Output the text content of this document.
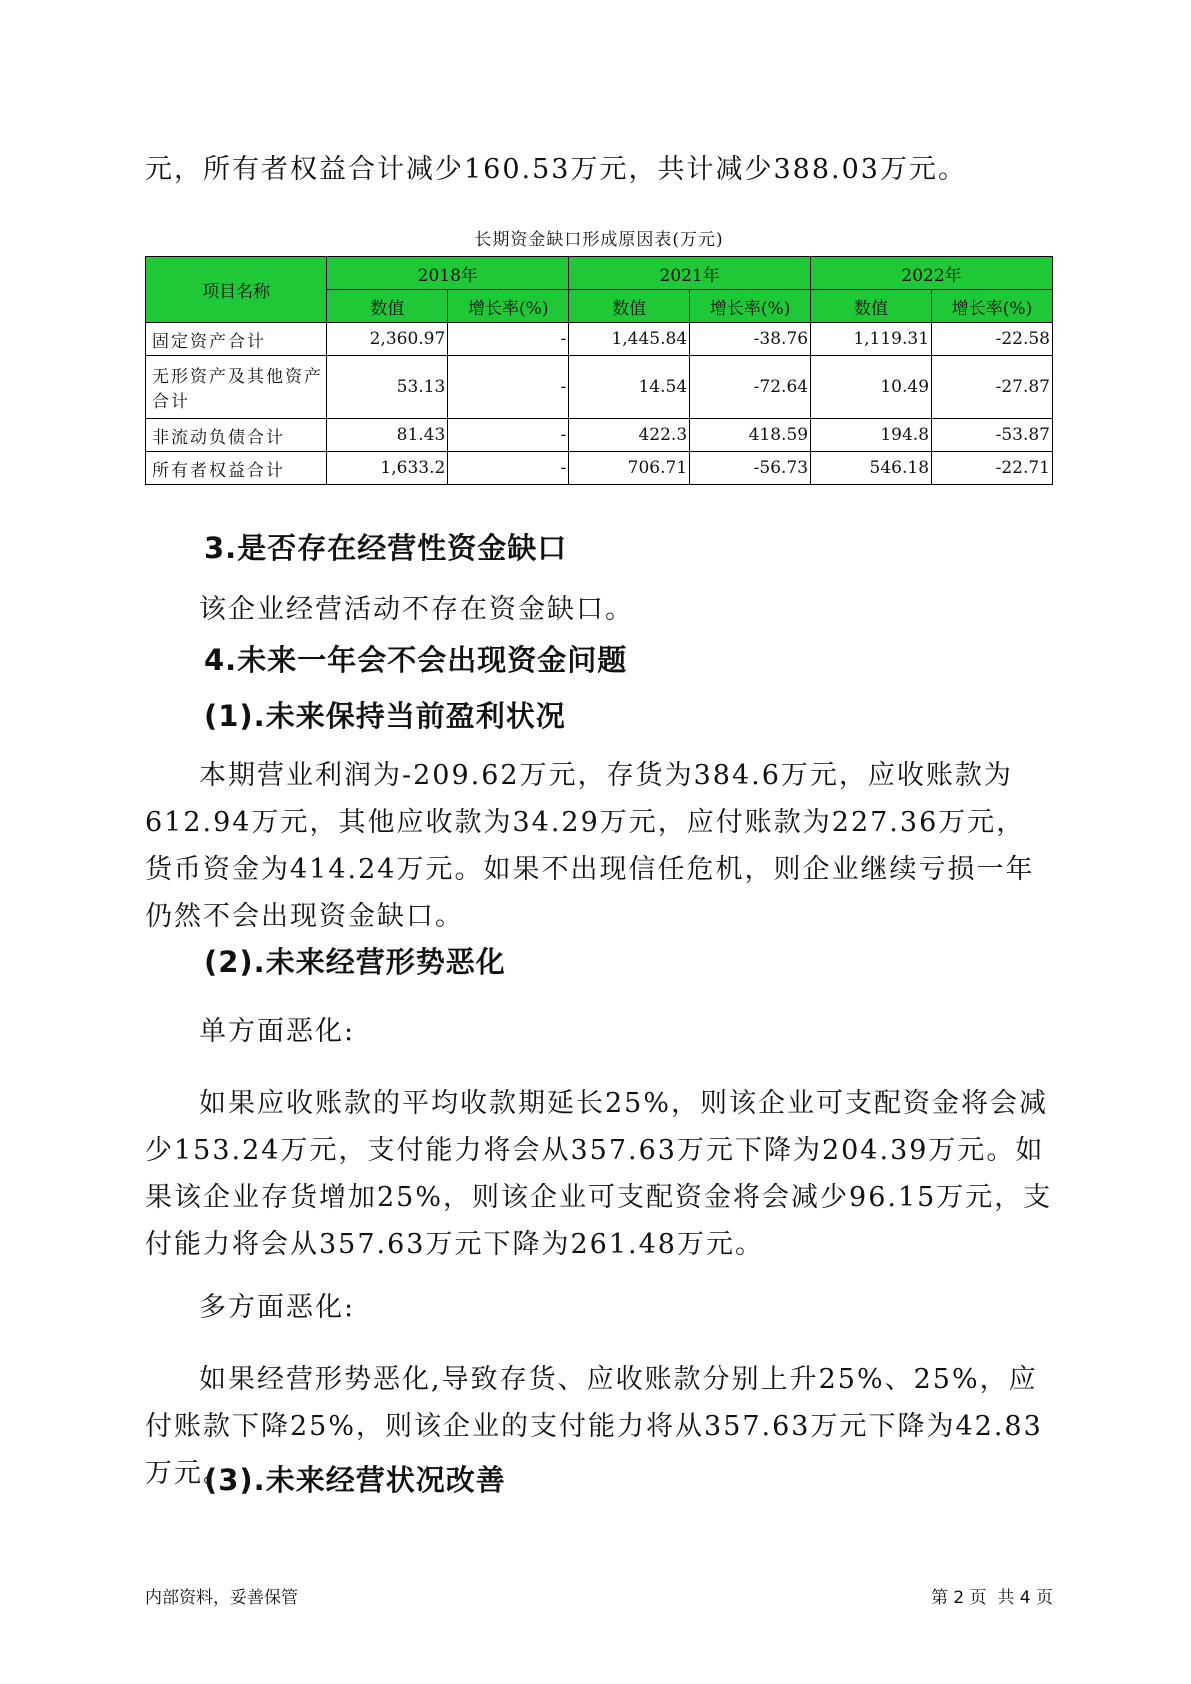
元，所有者权益合计减少160.53万元，共计减少388.03万元。

长期资金缺口形成原因表(万元)

项目名称	2018年		2021年		2022年	
	数值	增长率(%)	数值	增长率(%)	数值	增长率(%)
固定资产合计	2,360.97	-	1,445.84	-38.76	1,119.31	-22.58
无形资产及其他资产合计	53.13	-	14.54	-72.64	10.49	-27.87
非流动负债合计	81.43	-	422.3	418.59	194.8	-53.87
所有者权益合计	1,633.2	-	706.71	-56.73	546.18	-22.71
3.是否存在经营性资金缺口

该企业经营活动不存在资金缺口。

4.未来一年会不会出现资金问题
(1).未来保持当前盈利状况

本期营业利润为-209.62万元，存货为384.6万元，应收账款为612.94万元，其他应收款为34.29万元，应付账款为227.36万元，货币资金为414.24万元。如果不出现信任危机，则企业继续亏损一年仍然不会出现资金缺口。

(2).未来经营形势恶化

单方面恶化:

如果应收账款的平均收款期延长25%，则该企业可支配资金将会减少153.24万元，支付能力将会从357.63万元下降为204.39万元。如果该企业存货增加25%，则该企业可支配资金将会减少96.15万元，支付能力将会从357.63万元下降为261.48万元。

多方面恶化:

如果经营形势恶化,导致存货、应收账款分别上升25%、25%，应付账款下降25%，则该企业的支付能力将从357.63万元下降为42.83万元。

(3).未来经营状况改善

内部资料，妥善保管	第 2 页  共 4 页
